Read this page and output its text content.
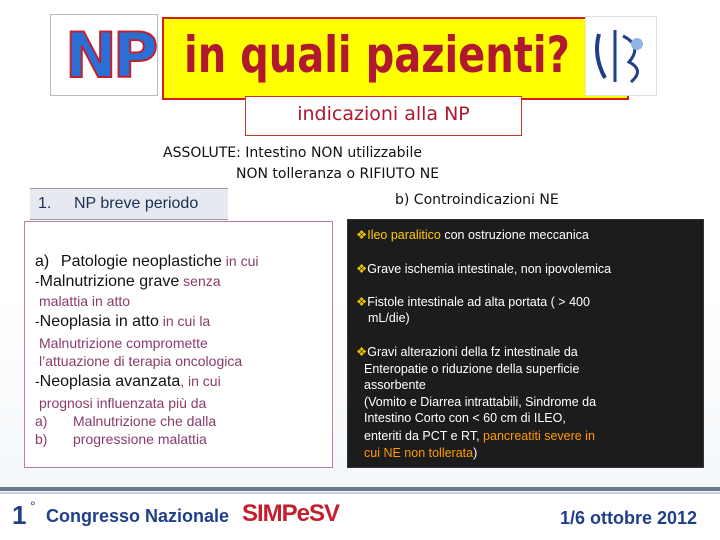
NP in quali pazienti?
indicazioni alla NP
ASSOLUTE: Intestino NON utilizzabile
NON tolleranza o RIFIUTO NE
1. NP breve periodo	b) Controindicazioni NE
a) Patologie neoplastiche in cui
-Malnutrizione grave senza
malattia in atto
-Neoplasia in atto in cui la
Malnutrizione compromette
l’attuazione di terapia oncologica
-Neoplasia avanzata, in cui
prognosi influenzata più da
a) Malnutrizione che dalla
b) progressione malattia
❖Ileo paralitico con ostruzione meccanica
❖Grave ischemia intestinale, non ipovolemica
❖Fistole intestinale ad alta portata ( > 400
mL/die)
❖Gravi alterazioni della fz intestinale da
Enteropatie o riduzione della superficie
assorbente
(Vomito e Diarrea intrattabili, Sindrome da
Intestino Corto con < 60 cm di ILEO,
enteriti da PCT e RT, pancreatiti severe in
cui NE non tollerata)
1 ° Congresso Nazionale SIMPeSV	1/6 ottobre 2012
